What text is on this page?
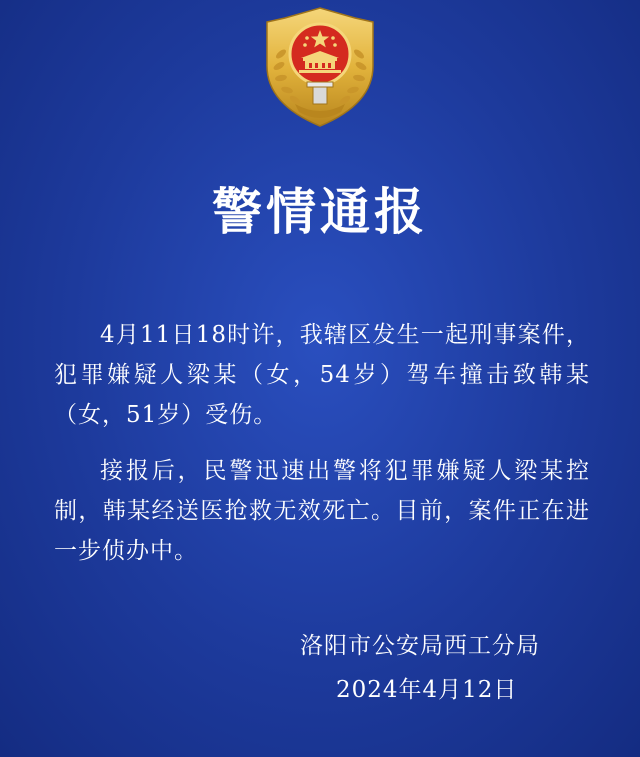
警情通报

4月11日18时许，我辖区发生一起刑事案件，犯罪嫌疑人梁某（女，54岁）驾车撞击致韩某（女，51岁）受伤。

接报后，民警迅速出警将犯罪嫌疑人梁某控制，韩某经送医抢救无效死亡。目前，案件正在进一步侦办中。

洛阳市公安局西工分局
2024年4月12日
